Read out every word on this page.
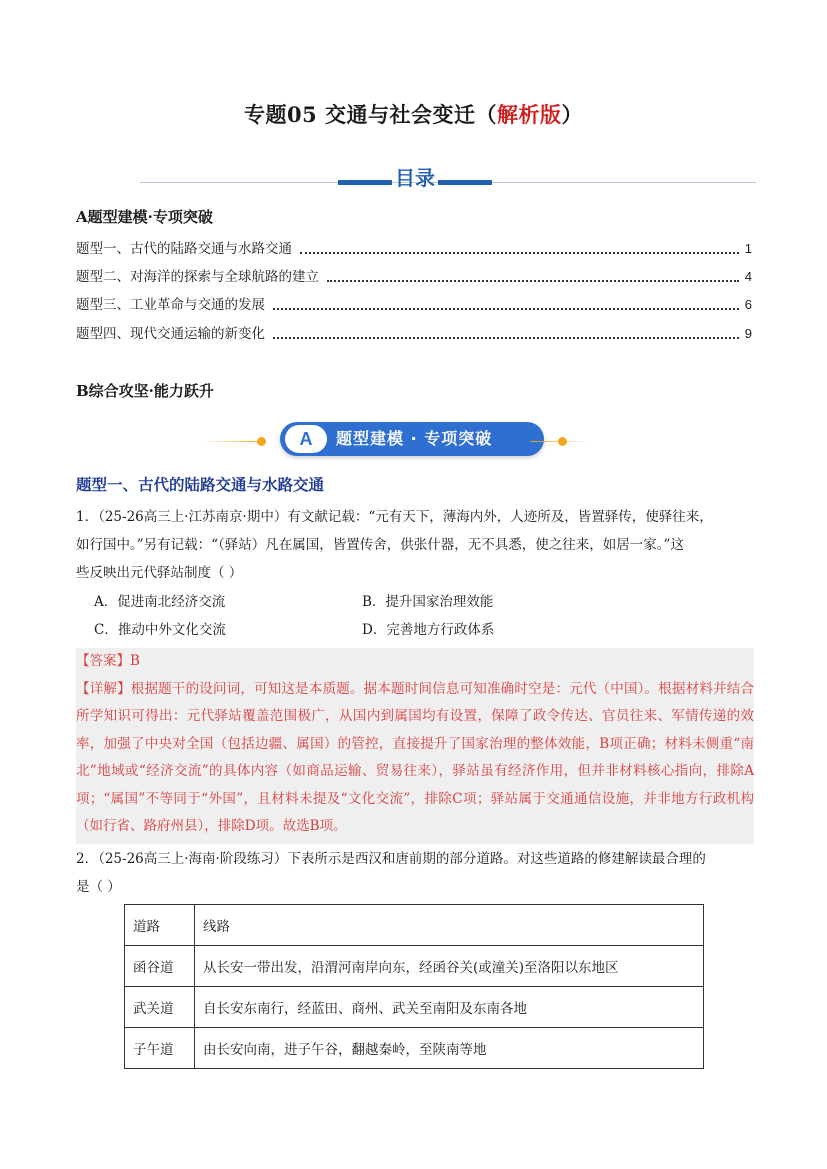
专题05 交通与社会变迁（解析版）
目录
A题型建模·专项突破
题型一、古代的陆路交通与水路交通	1
题型二、对海洋的探索与全球航路的建立	4
题型三、工业革命与交通的发展	6
题型四、现代交通运输的新变化	9
B综合攻坚·能力跃升
A	题型建模 · 专项突破
题型一、古代的陆路交通与水路交通
1．（25-26高三上·江苏南京·期中）有文献记载：“元有天下，薄海内外，人迹所及，皆置驿传，使驿往来，
如行国中。”另有记载：“（驿站）凡在属国，皆置传舍，供张什器，无不具悉，使之往来，如居一家。”这
些反映出元代驿站制度（ ）
A．促进南北经济交流	B．提升国家治理效能
C．推动中外文化交流	D．完善地方行政体系
【答案】B
【详解】根据题干的设问词，可知这是本质题。据本题时间信息可知准确时空是：元代（中国）。根据材料并结合所学知识可得出：元代驿站覆盖范围极广，从国内到属国均有设置，保障了政令传达、官员往来、军情传递的效率，加强了中央对全国（包括边疆、属国）的管控，直接提升了国家治理的整体效能，B项正确；材料未侧重“南北”地域或“经济交流”的具体内容（如商品运输、贸易往来），驿站虽有经济作用，但并非材料核心指向，排除A项；“属国”不等同于“外国”，且材料未提及“文化交流”，排除C项；驿站属于交通通信设施，并非地方行政机构（如行省、路府州县），排除D项。故选B项。
2．（25-26高三上·海南·阶段练习）下表所示是西汉和唐前期的部分道路。对这些道路的修建解读最合理的
是（ ）
道路	线路
函谷道	从长安一带出发，沿渭河南岸向东，经函谷关(或潼关)至洛阳以东地区
武关道	自长安东南行，经蓝田、商州、武关至南阳及东南各地
子午道	由长安向南，进子午谷，翻越秦岭，至陕南等地
